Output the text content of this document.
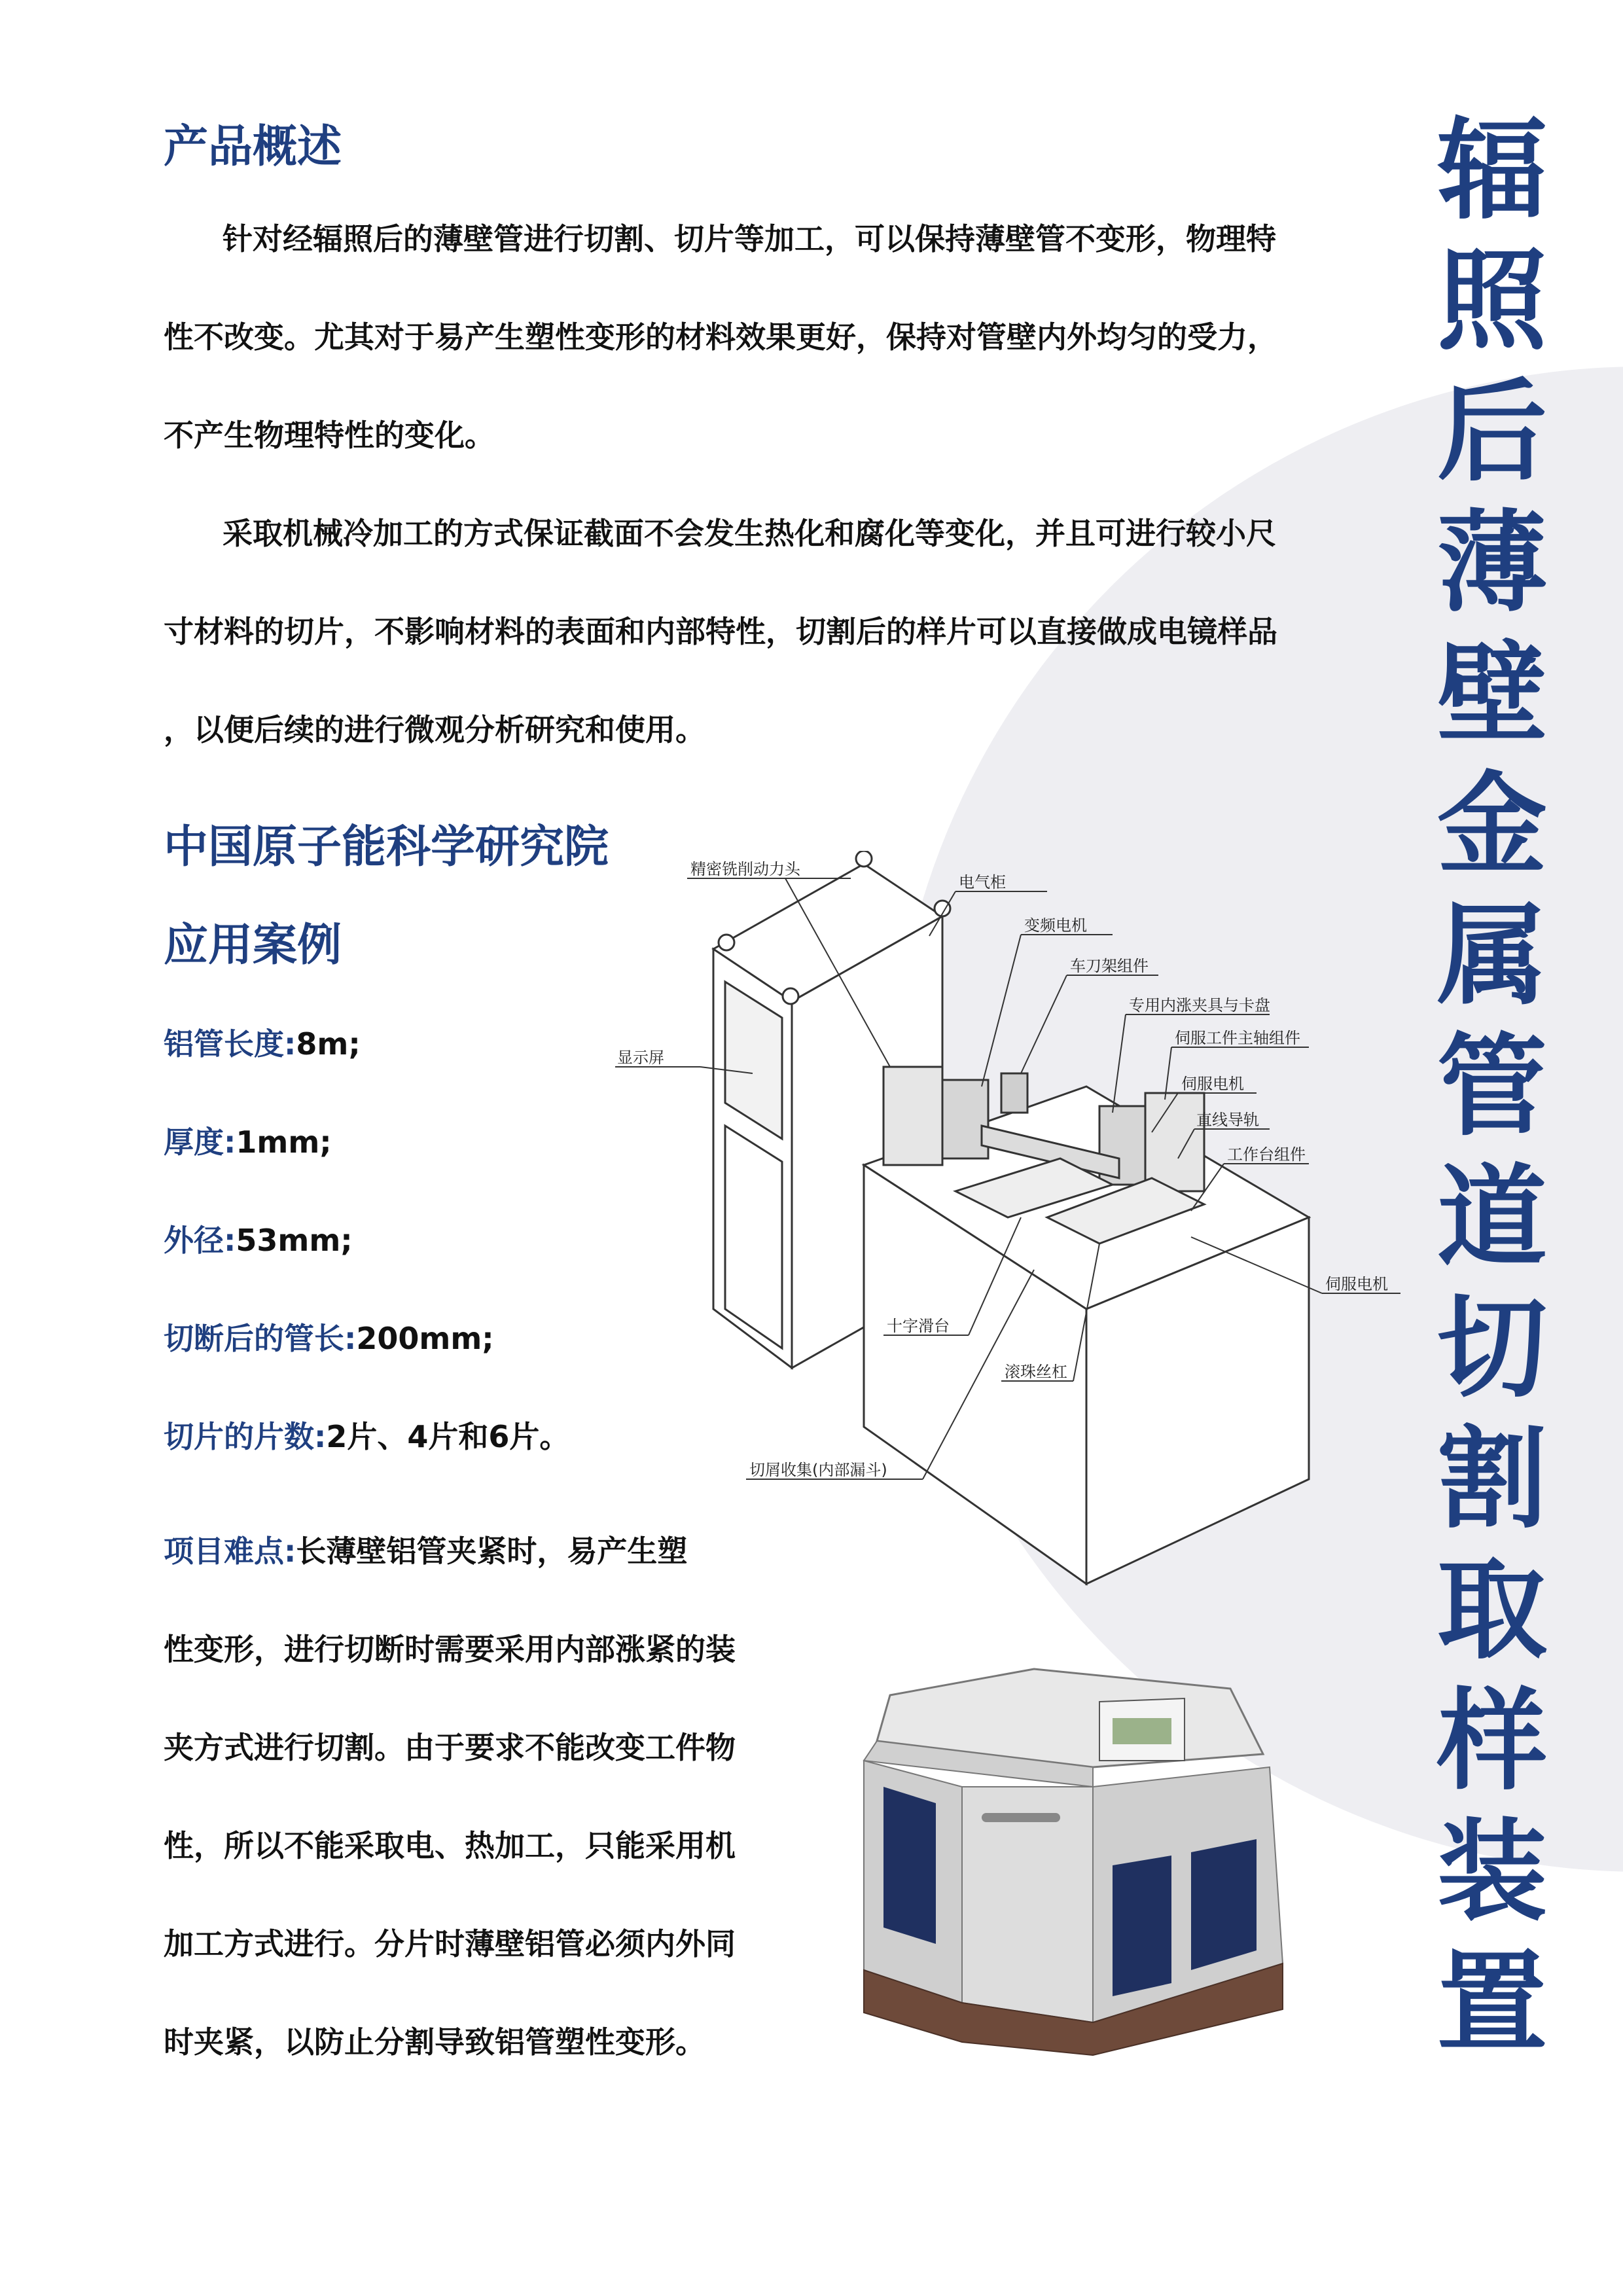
辐
照
后
薄
壁
金
属
管
道
切
割
取
样
装
置
产品概述
针对经辐照后的薄壁管进行切割、切片等加工，可以保持薄壁管不变形，物理特
性不改变。尤其对于易产生塑性变形的材料效果更好，保持对管壁内外均匀的受力，
不产生物理特性的变化。
采取机械冷加工的方式保证截面不会发生热化和腐化等变化，并且可进行较小尺
寸材料的切片，不影响材料的表面和内部特性，切割后的样片可以直接做成电镜样品
，以便后续的进行微观分析研究和使用。
中国原子能科学研究院
应用案例
铝管长度:8m;
厚度:1mm;
外径:53mm;
切断后的管长:200mm;
切片的片数:2片、4片和6片。
项目难点:长薄壁铝管夹紧时，易产生塑
性变形，进行切断时需要采用内部涨紧的装
夹方式进行切割。由于要求不能改变工件物
性，所以不能采取电、热加工，只能采用机
加工方式进行。分片时薄壁铝管必须内外同
时夹紧，以防止分割导致铝管塑性变形。
精密铣削动力头
电气柜
变频电机
车刀架组件
专用内涨夹具与卡盘
伺服工件主轴组件
伺服电机
直线导轨
工作台组件
显示屏
伺服电机
十字滑台
滚珠丝杠
切屑收集(内部漏斗)
